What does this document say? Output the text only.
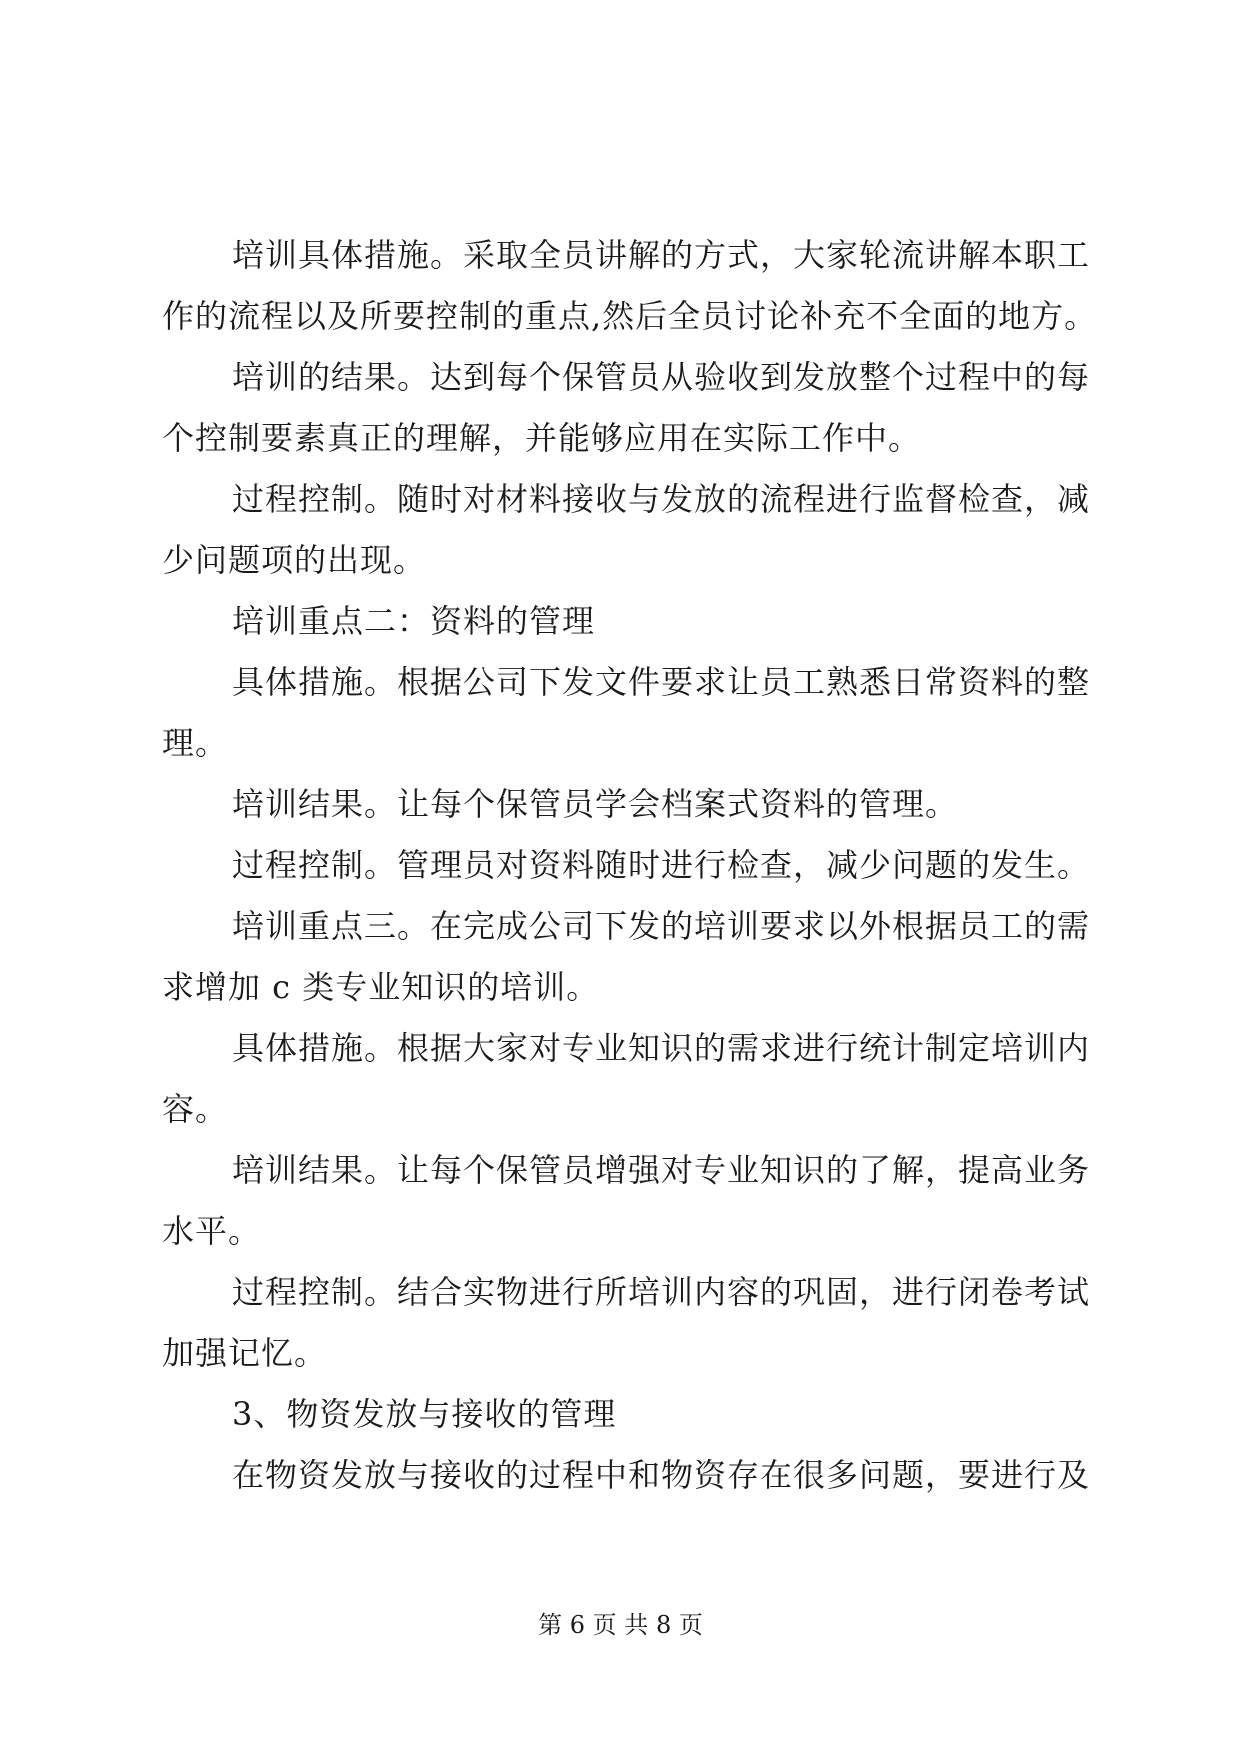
培训具体措施。采取全员讲解的方式，大家轮流讲解本职工
作的流程以及所要控制的重点,然后全员讨论补充不全面的地方。
培训的结果。达到每个保管员从验收到发放整个过程中的每
个控制要素真正的理解，并能够应用在实际工作中。
过程控制。随时对材料接收与发放的流程进行监督检查，减
少问题项的出现。
培训重点二：资料的管理
具体措施。根据公司下发文件要求让员工熟悉日常资料的整
理。
培训结果。让每个保管员学会档案式资料的管理。
过程控制。管理员对资料随时进行检查，减少问题的发生。
培训重点三。在完成公司下发的培训要求以外根据员工的需
求增加 c 类专业知识的培训。
具体措施。根据大家对专业知识的需求进行统计制定培训内
容。
培训结果。让每个保管员增强对专业知识的了解，提高业务
水平。
过程控制。结合实物进行所培训内容的巩固，进行闭卷考试
加强记忆。
3、物资发放与接收的管理
在物资发放与接收的过程中和物资存在很多问题，要进行及
第 6 页 共 8 页
